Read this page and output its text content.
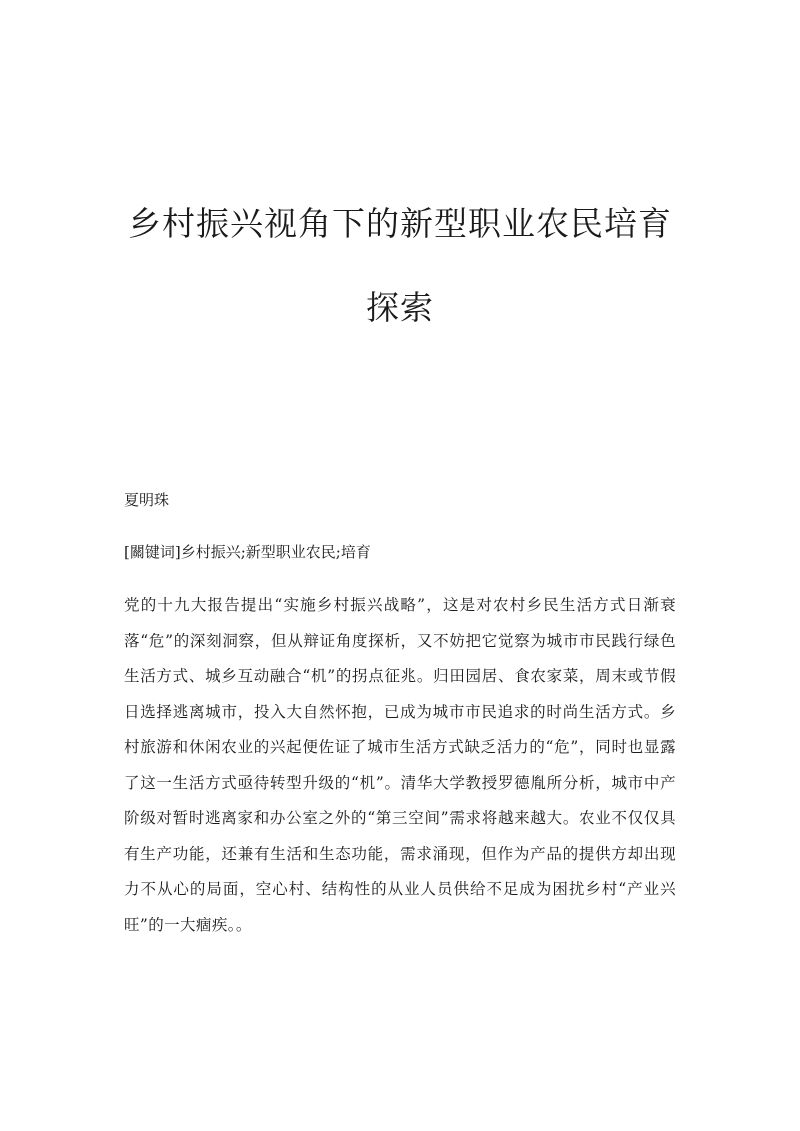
乡村振兴视角下的新型职业农民培育探索

夏明珠

[關键词]乡村振兴;新型职业农民;培育

党的十九大报告提出“实施乡村振兴战略”，这是对农村乡民生活方式日渐衰落“危”的深刻洞察，但从辩证角度探析，又不妨把它觉察为城市市民践行绿色生活方式、城乡互动融合“机”的拐点征兆。归田园居、食农家菜，周末或节假日选择逃离城市，投入大自然怀抱，已成为城市市民追求的时尚生活方式。乡村旅游和休闲农业的兴起便佐证了城市生活方式缺乏活力的“危”，同时也显露了这一生活方式亟待转型升级的“机”。清华大学教授罗德胤所分析，城市中产阶级对暂时逃离家和办公室之外的“第三空间”需求将越来越大。农业不仅仅具有生产功能，还兼有生活和生态功能，需求涌现，但作为产品的提供方却出现力不从心的局面，空心村、结构性的从业人员供给不足成为困扰乡村“产业兴旺”的一大痼疾。。
